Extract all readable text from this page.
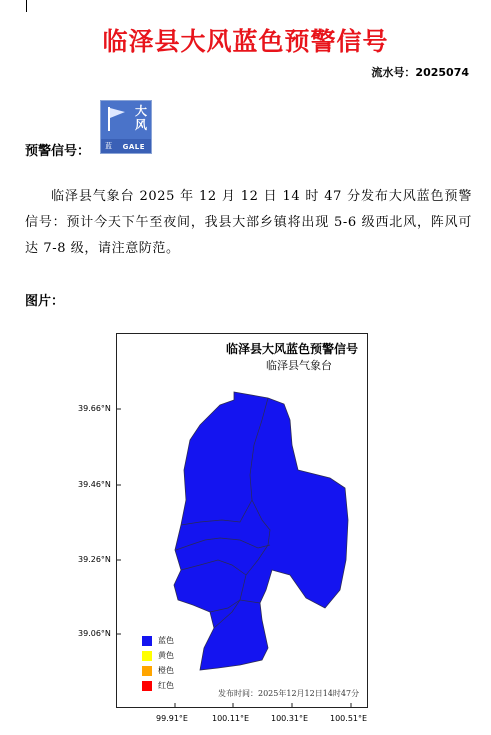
临泽县大风蓝色预警信号
流水号：2025074
预警信号：
大
风
蓝 GALE
临泽县气象台 2025 年 12 月 12 日 14 时 47 分发布大风蓝色预警信号：预计今天下午至夜间，我县大部乡镇将出现 5-6 级西北风，阵风可达 7-8 级，请注意防范。
图片：
临泽县大风蓝色预警信号
临泽县气象台
39.66°N
39.46°N
39.26°N
39.06°N
99.91°E	100.11°E	100.31°E	100.51°E
蓝色
黄色
橙色
红色
发布时间：2025年12月12日14时47分
